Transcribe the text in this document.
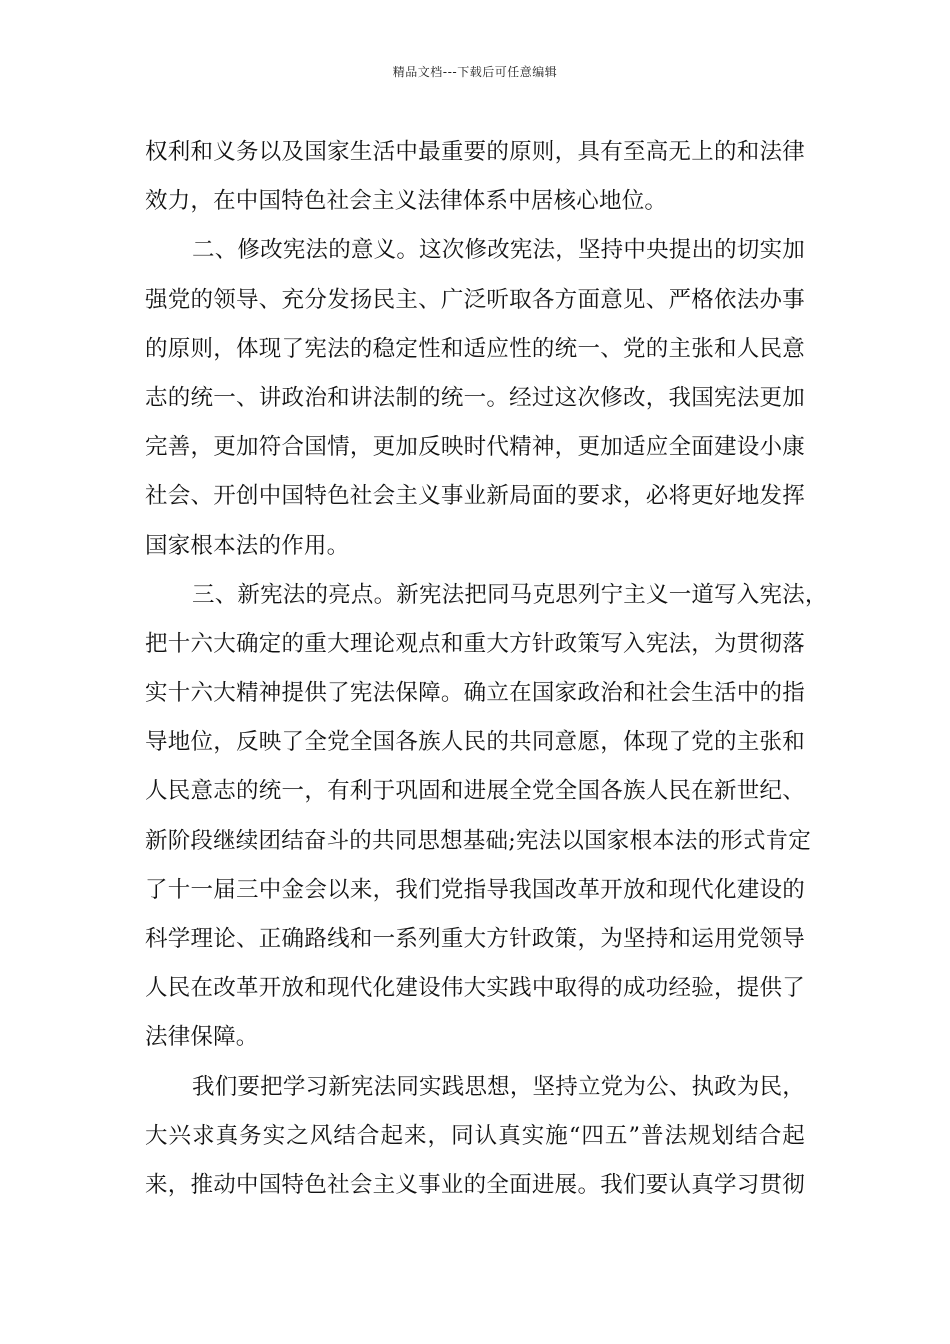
精品文档---下载后可任意编辑
权利和义务以及国家生活中最重要的原则，具有至高无上的和法律
效力，在中国特色社会主义法律体系中居核心地位。
二、修改宪法的意义。这次修改宪法，坚持中央提出的切实加
强党的领导、充分发扬民主、广泛听取各方面意见、严格依法办事
的原则，体现了宪法的稳定性和适应性的统一、党的主张和人民意
志的统一、讲政治和讲法制的统一。经过这次修改，我国宪法更加
完善，更加符合国情，更加反映时代精神，更加适应全面建设小康
社会、开创中国特色社会主义事业新局面的要求，必将更好地发挥
国家根本法的作用。
三、新宪法的亮点。新宪法把同马克思列宁主义一道写入宪法，
把十六大确定的重大理论观点和重大方针政策写入宪法，为贯彻落
实十六大精神提供了宪法保障。确立在国家政治和社会生活中的指
导地位，反映了全党全国各族人民的共同意愿，体现了党的主张和
人民意志的统一，有利于巩固和进展全党全国各族人民在新世纪、
新阶段继续团结奋斗的共同思想基础;宪法以国家根本法的形式肯定
了十一届三中金会以来，我们党指导我国改革开放和现代化建设的
科学理论、正确路线和一系列重大方针政策，为坚持和运用党领导
人民在改革开放和现代化建设伟大实践中取得的成功经验，提供了
法律保障。
我们要把学习新宪法同实践思想，坚持立党为公、执政为民，
大兴求真务实之风结合起来，同认真实施“四五”普法规划结合起
来，推动中国特色社会主义事业的全面进展。我们要认真学习贯彻
